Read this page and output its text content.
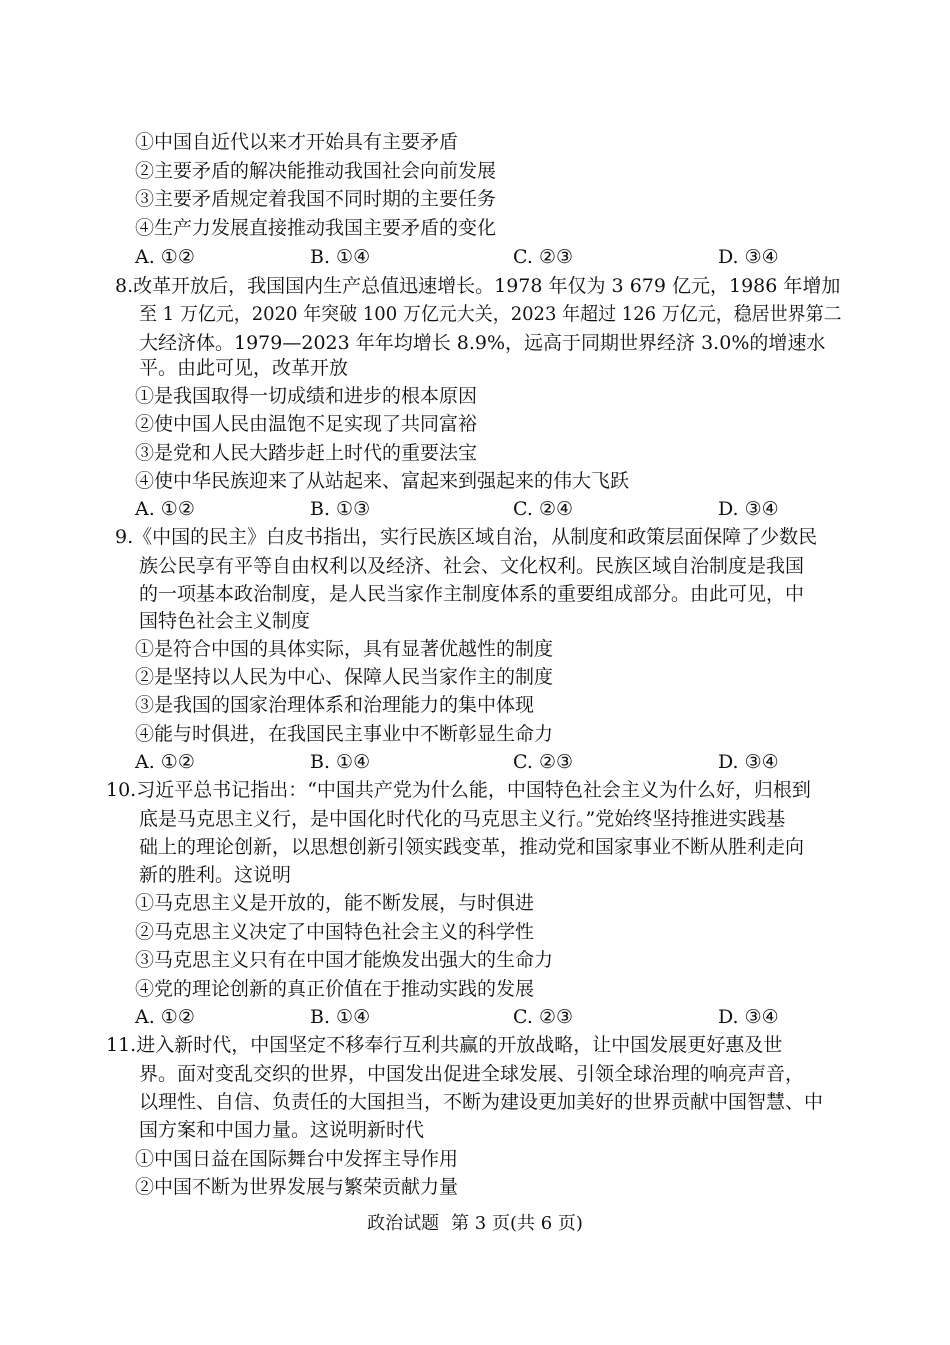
①中国自近代以来才开始具有主要矛盾
②主要矛盾的解决能推动我国社会向前发展
③主要矛盾规定着我国不同时期的主要任务
④生产力发展直接推动我国主要矛盾的变化
A. ①②	B. ①④	C. ②③	D. ③④
8.改革开放后，我国国内生产总值迅速增长。1978 年仅为 3 679 亿元，1986 年增加
至 1 万亿元，2020 年突破 100 万亿元大关，2023 年超过 126 万亿元，稳居世界第二
大经济体。1979—2023 年年均增长 8.9%，远高于同期世界经济 3.0%的增速水
平。由此可见，改革开放
①是我国取得一切成绩和进步的根本原因
②使中国人民由温饱不足实现了共同富裕
③是党和人民大踏步赶上时代的重要法宝
④使中华民族迎来了从站起来、富起来到强起来的伟大飞跃
A. ①②	B. ①③	C. ②④	D. ③④
9.《中国的民主》白皮书指出，实行民族区域自治，从制度和政策层面保障了少数民
族公民享有平等自由权利以及经济、社会、文化权利。民族区域自治制度是我国
的一项基本政治制度，是人民当家作主制度体系的重要组成部分。由此可见，中
国特色社会主义制度
①是符合中国的具体实际，具有显著优越性的制度
②是坚持以人民为中心、保障人民当家作主的制度
③是我国的国家治理体系和治理能力的集中体现
④能与时俱进，在我国民主事业中不断彰显生命力
A. ①②	B. ①④	C. ②③	D. ③④
10.习近平总书记指出：“中国共产党为什么能，中国特色社会主义为什么好，归根到
底是马克思主义行，是中国化时代化的马克思主义行。”党始终坚持推进实践基
础上的理论创新，以思想创新引领实践变革，推动党和国家事业不断从胜利走向
新的胜利。这说明
①马克思主义是开放的，能不断发展，与时俱进
②马克思主义决定了中国特色社会主义的科学性
③马克思主义只有在中国才能焕发出强大的生命力
④党的理论创新的真正价值在于推动实践的发展
A. ①②	B. ①④	C. ②③	D. ③④
11.进入新时代，中国坚定不移奉行互利共赢的开放战略，让中国发展更好惠及世
界。面对变乱交织的世界，中国发出促进全球发展、引领全球治理的响亮声音，
以理性、自信、负责任的大国担当，不断为建设更加美好的世界贡献中国智慧、中
国方案和中国力量。这说明新时代
①中国日益在国际舞台中发挥主导作用
②中国不断为世界发展与繁荣贡献力量
政治试题 第 3 页(共 6 页)
